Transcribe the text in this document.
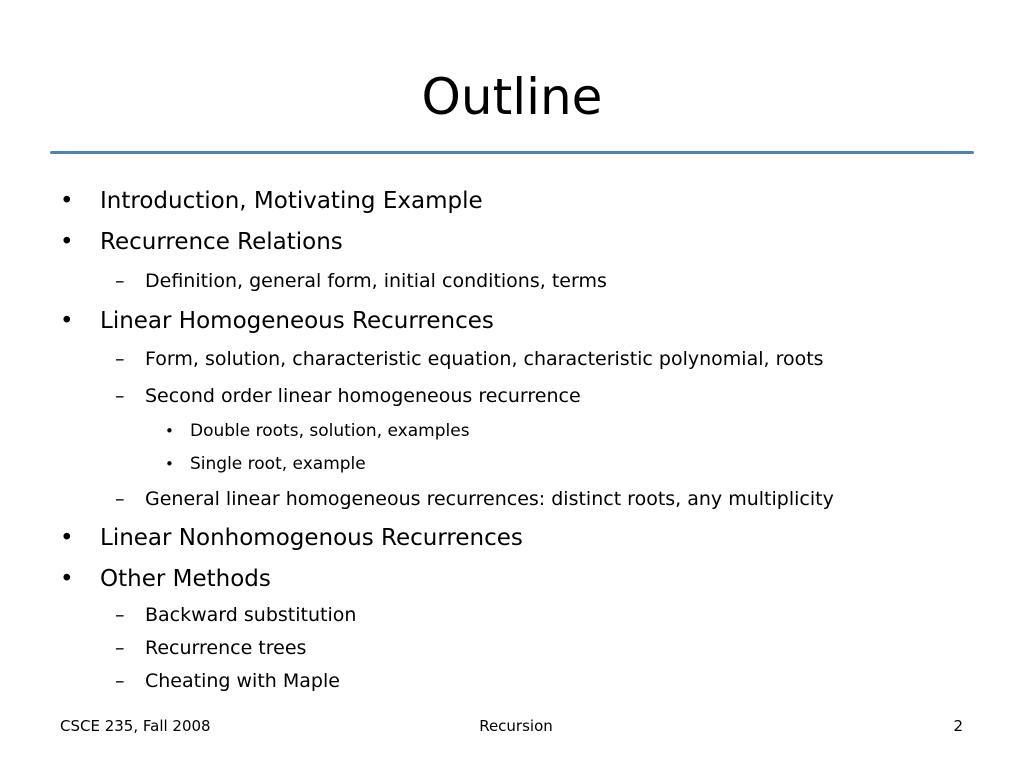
Outline
• Introduction, Motivating Example
• Recurrence Relations
– Definition, general form, initial conditions, terms
• Linear Homogeneous Recurrences
– Form, solution, characteristic equation, characteristic polynomial, roots
– Second order linear homogeneous recurrence
• Double roots, solution, examples
• Single root, example
– General linear homogeneous recurrences: distinct roots, any multiplicity
• Linear Nonhomogenous Recurrences
• Other Methods
– Backward substitution
– Recurrence trees
– Cheating with Maple
CSCE 235, Fall 2008	Recursion	2
